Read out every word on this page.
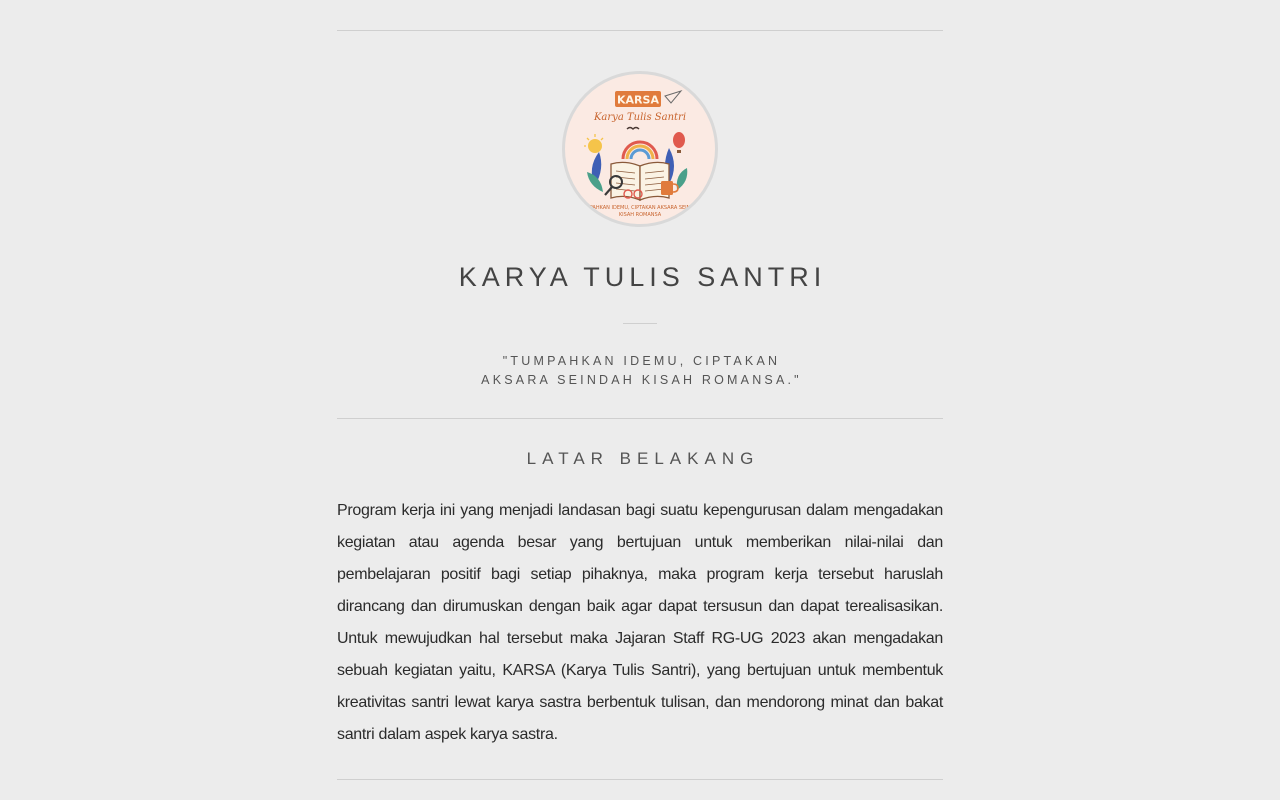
KARSA
Karya Tulis Santri
TUMPAHKAN IDEMU, CIPTAKAN AKSARA SEINDAH
KISAH ROMANSA
KARYA TULIS SANTRI
"TUMPAHKAN IDEMU, CIPTAKAN
AKSARA SEINDAH KISAH ROMANSA."
LATAR BELAKANG

Program kerja ini yang menjadi landasan bagi suatu kepengurusan dalam mengadakan kegiatan atau agenda besar yang bertujuan untuk memberikan nilai-nilai dan pembelajaran positif bagi setiap pihaknya, maka program kerja tersebut haruslah dirancang dan dirumuskan dengan baik agar dapat tersusun dan dapat terealisasikan. Untuk mewujudkan hal tersebut maka Jajaran Staff RG-UG 2023 akan mengadakan sebuah kegiatan yaitu, KARSA (Karya Tulis Santri), yang bertujuan untuk membentuk kreativitas santri lewat karya sastra berbentuk tulisan, dan mendorong minat dan bakat santri dalam aspek karya sastra.
